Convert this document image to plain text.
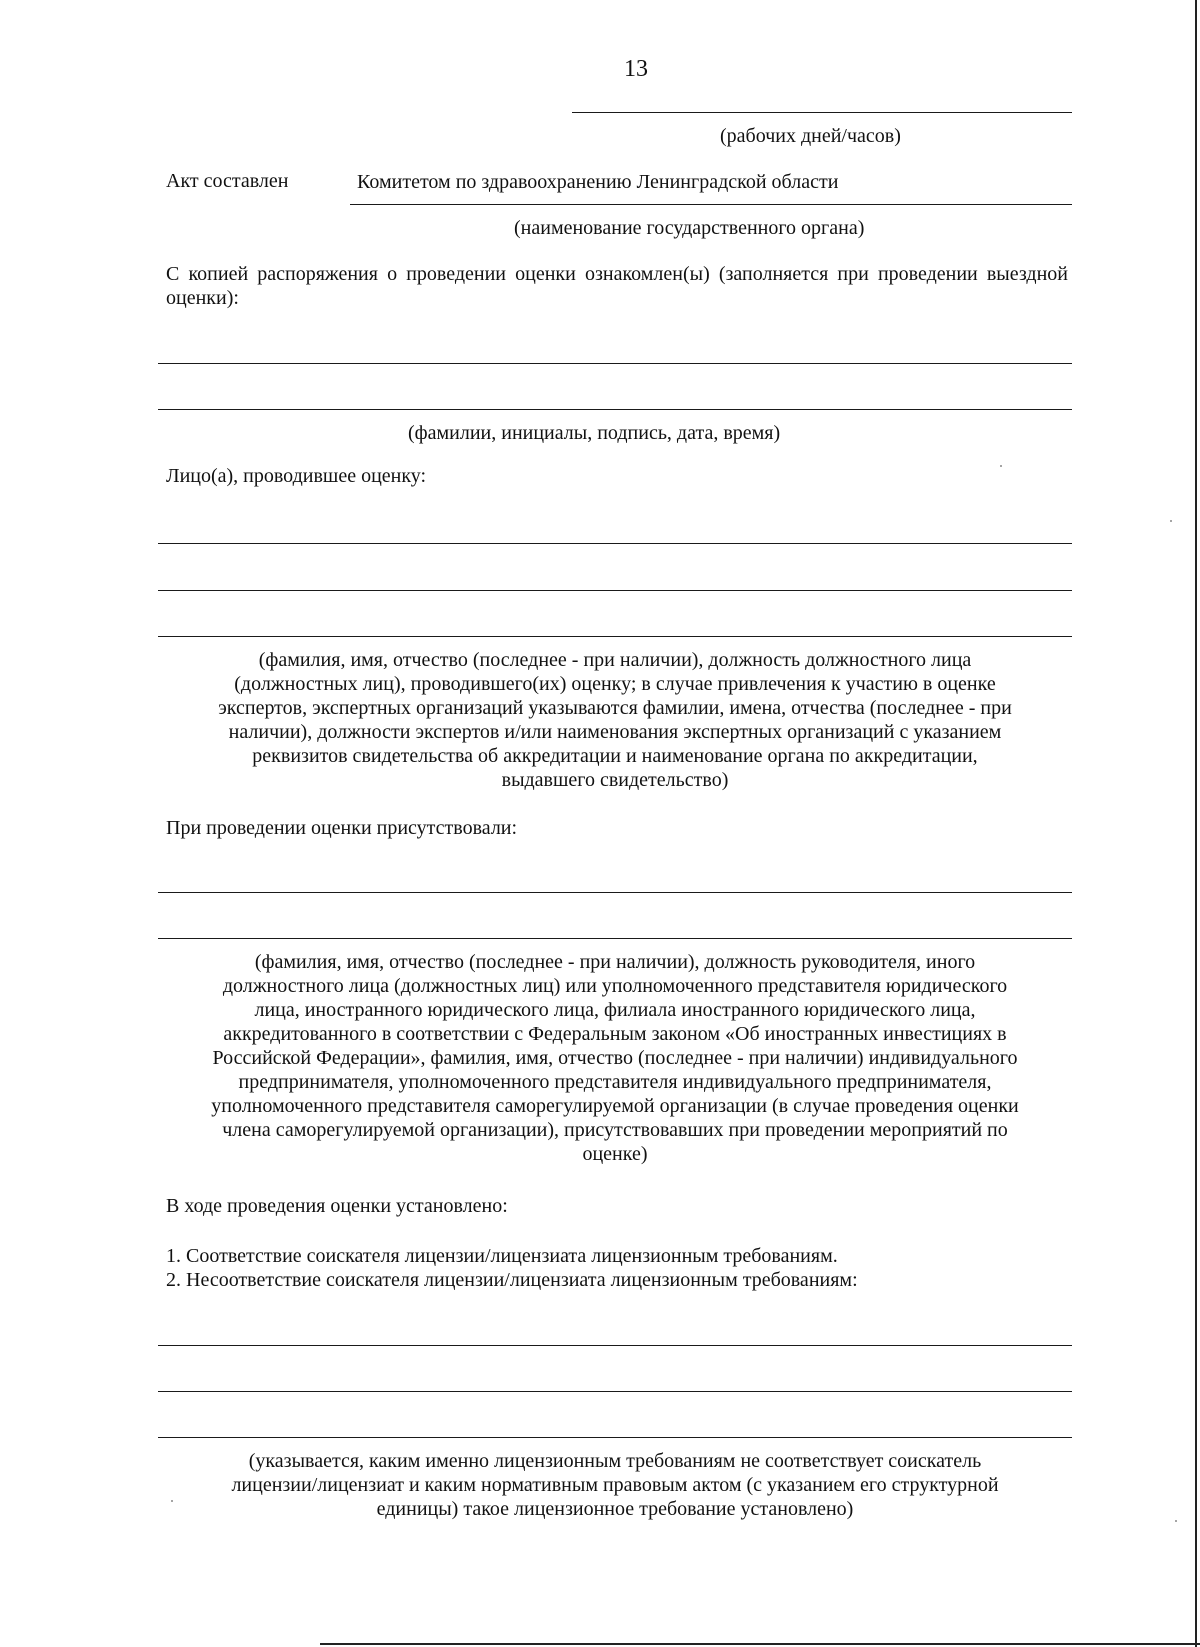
13
(рабочих дней/часов)
Акт составлен	Комитетом по здравоохранению Ленинградской области
(наименование государственного органа)
С копией распоряжения о проведении оценки ознакомлен(ы) (заполняется при проведении выездной оценки):
(фамилии, инициалы, подпись, дата, время)
Лицо(а), проводившее оценку:
(фамилия, имя, отчество (последнее - при наличии), должность должностного лица
(должностных лиц), проводившего(их) оценку; в случае привлечения к участию в оценке
экспертов, экспертных организаций указываются фамилии, имена, отчества (последнее - при
наличии), должности экспертов и/или наименования экспертных организаций с указанием
реквизитов свидетельства об аккредитации и наименование органа по аккредитации,
выдавшего свидетельство)
При проведении оценки присутствовали:
(фамилия, имя, отчество (последнее - при наличии), должность руководителя, иного
должностного лица (должностных лиц) или уполномоченного представителя юридического
лица, иностранного юридического лица, филиала иностранного юридического лица,
аккредитованного в соответствии с Федеральным законом «Об иностранных инвестициях в
Российской Федерации», фамилия, имя, отчество (последнее - при наличии) индивидуального
предпринимателя, уполномоченного представителя индивидуального предпринимателя,
уполномоченного представителя саморегулируемой организации (в случае проведения оценки
члена саморегулируемой организации), присутствовавших при проведении мероприятий по
оценке)
В ходе проведения оценки установлено:
1. Соответствие соискателя лицензии/лицензиата лицензионным требованиям.
2. Несоответствие соискателя лицензии/лицензиата лицензионным требованиям:
(указывается, каким именно лицензионным требованиям не соответствует соискатель
лицензии/лицензиат и каким нормативным правовым актом (с указанием его структурной
единицы) такое лицензионное требование установлено)
